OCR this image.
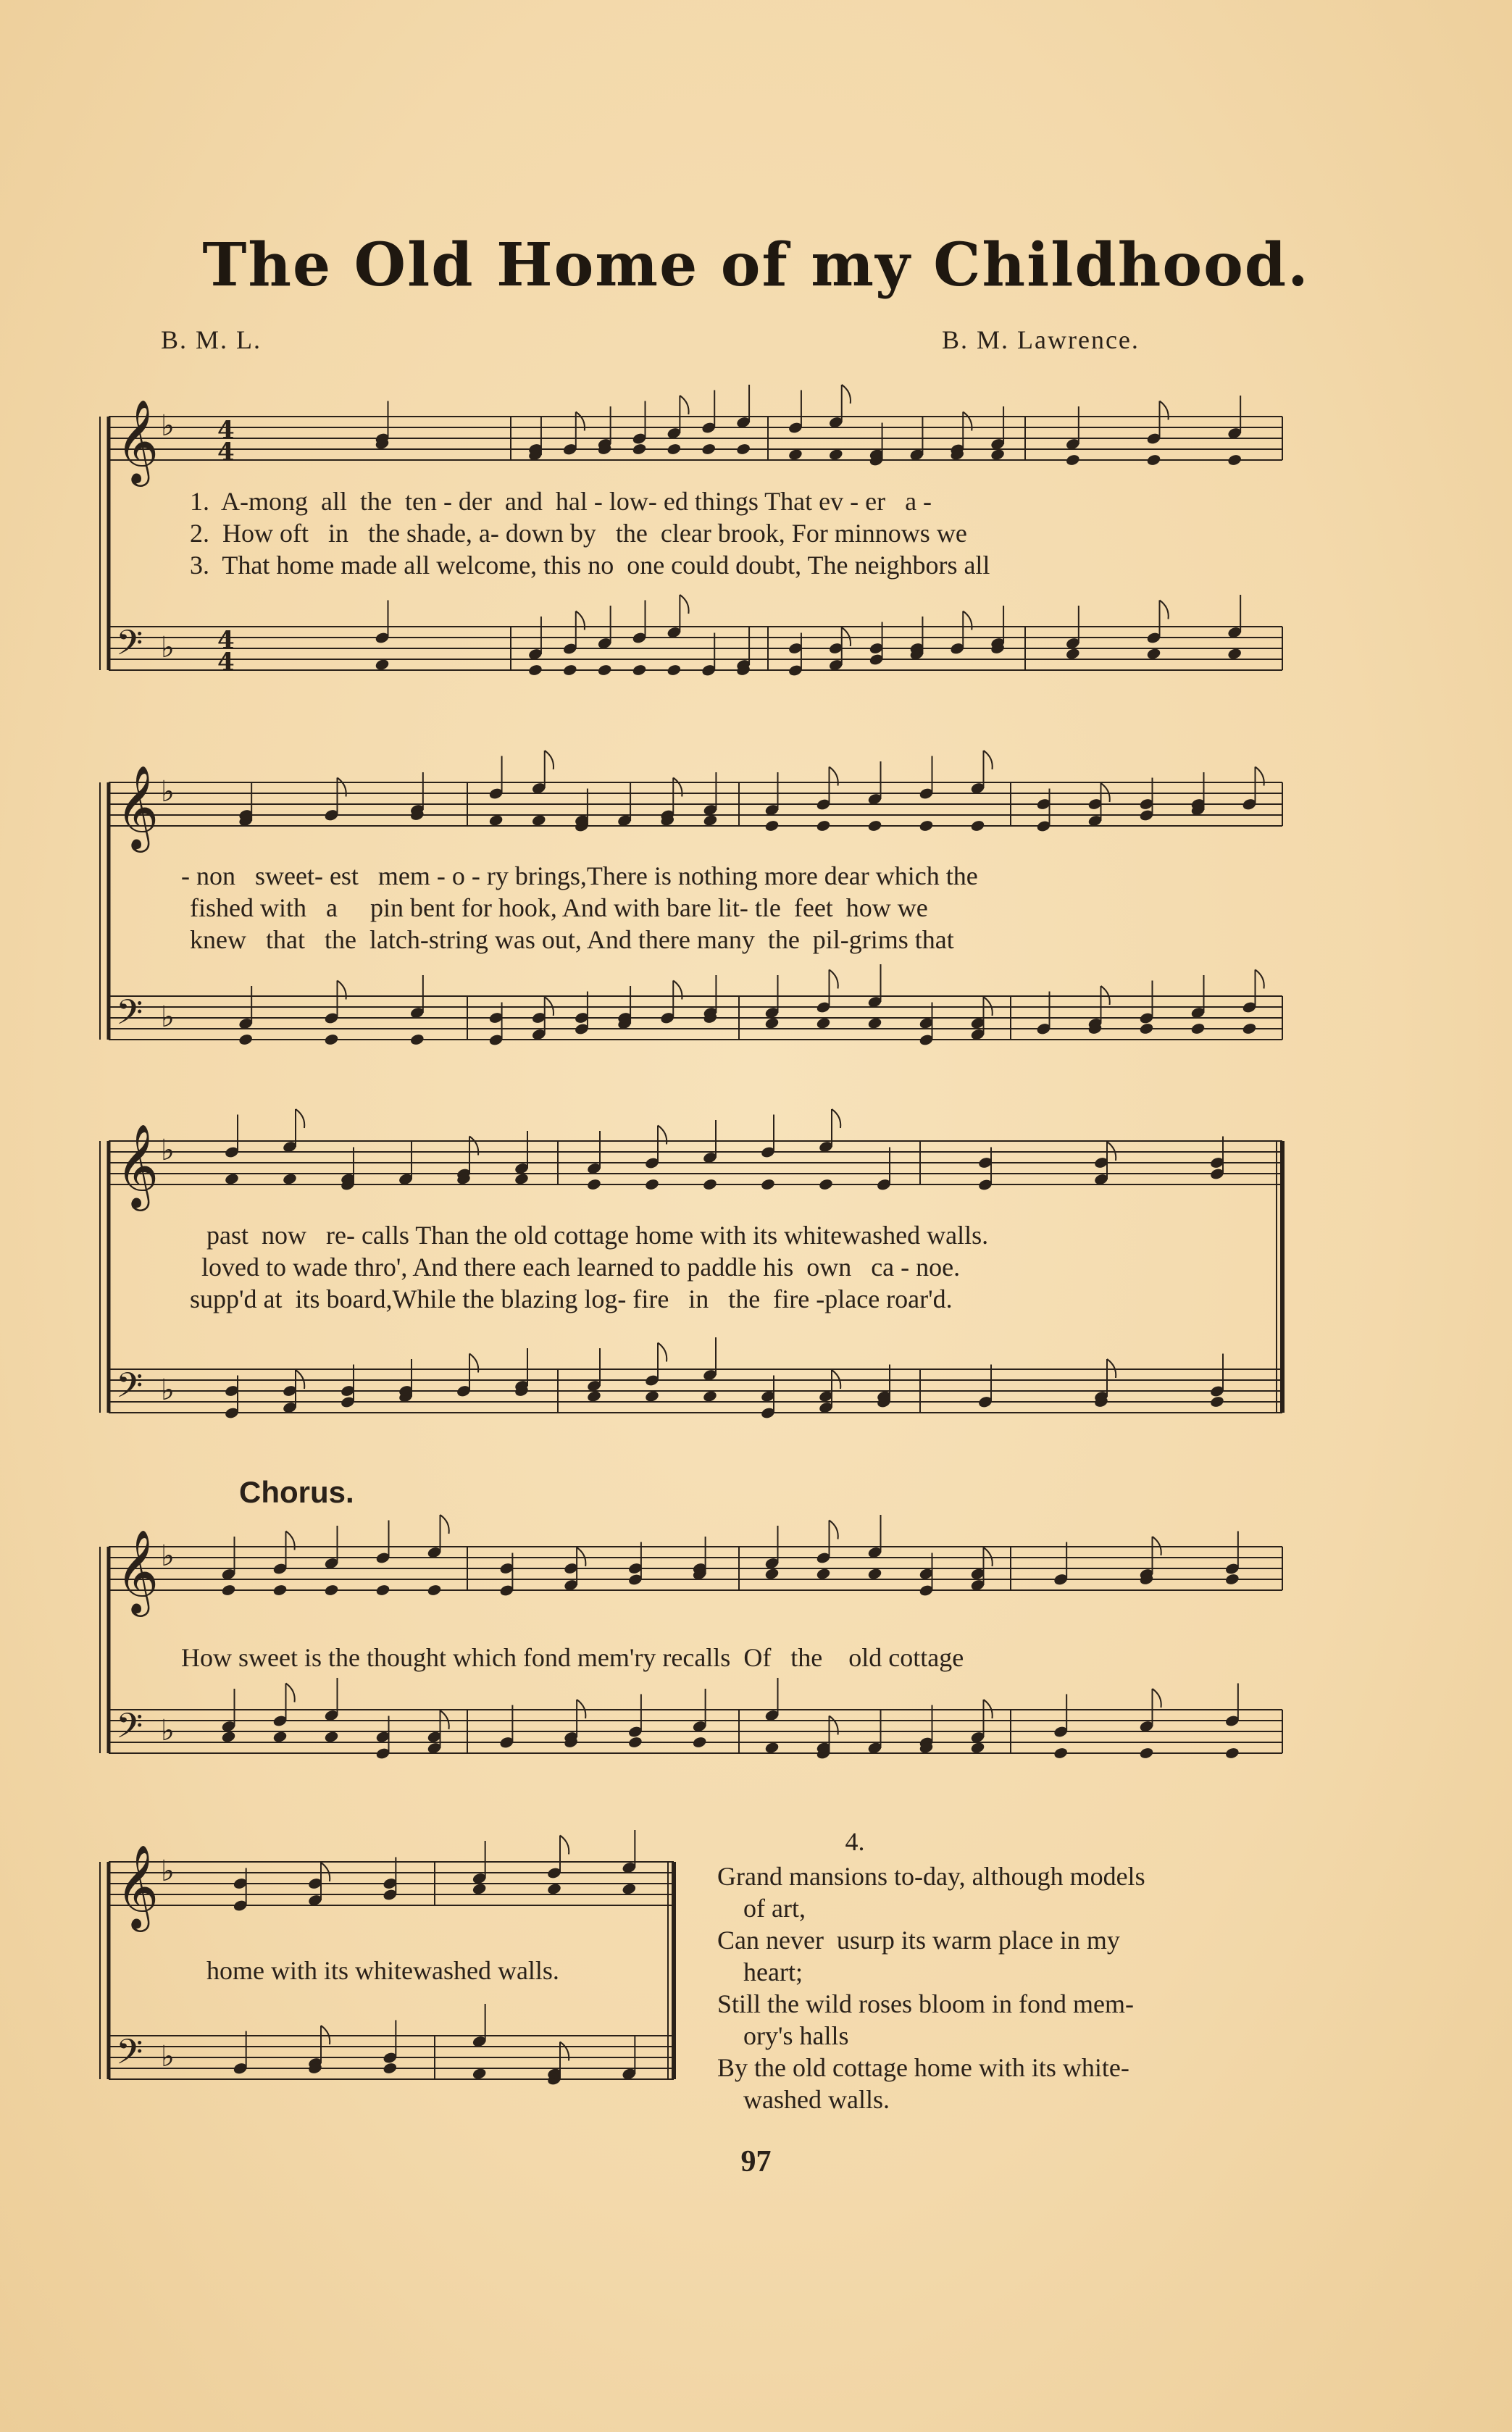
The Old Home of my Childhood.
B. M. L.	B. M. Lawrence.
𝄞 ♭
𝄢 ♭
4
4
4
4
𝄞 ♭
𝄢 ♭
𝄞 ♭
𝄢 ♭
𝄞 ♭
𝄢 ♭
𝄞 ♭
𝄢 ♭
1.  A-mong  all  the  ten - der  and  hal - low- ed things That ev - er   a -
2.  How oft   in   the shade, a- down by   the  clear brook, For minnows we
3.  That home made all welcome, this no  one could doubt, The neighbors all
- non   sweet- est   mem - o - ry brings,There is nothing more dear which the
fished with   a     pin bent for hook, And with bare lit- tle  feet  how we
knew   that   the  latch-string was out, And there many  the  pil-grims that
past  now   re- calls Than the old cottage home with its whitewashed walls.
loved to wade thro', And there each learned to paddle his  own   ca - noe.
supp'd at  its board,While the blazing log- fire   in   the  fire -place roar'd.
Chorus.
How sweet is the thought which fond mem'ry recalls  Of   the    old cottage
home with its whitewashed walls.
4.
Grand mansions to-day, although models
of art,
Can never  usurp its warm place in my
heart;
Still the wild roses bloom in fond mem-
ory's halls
By the old cottage home with its white-
washed walls.
97
